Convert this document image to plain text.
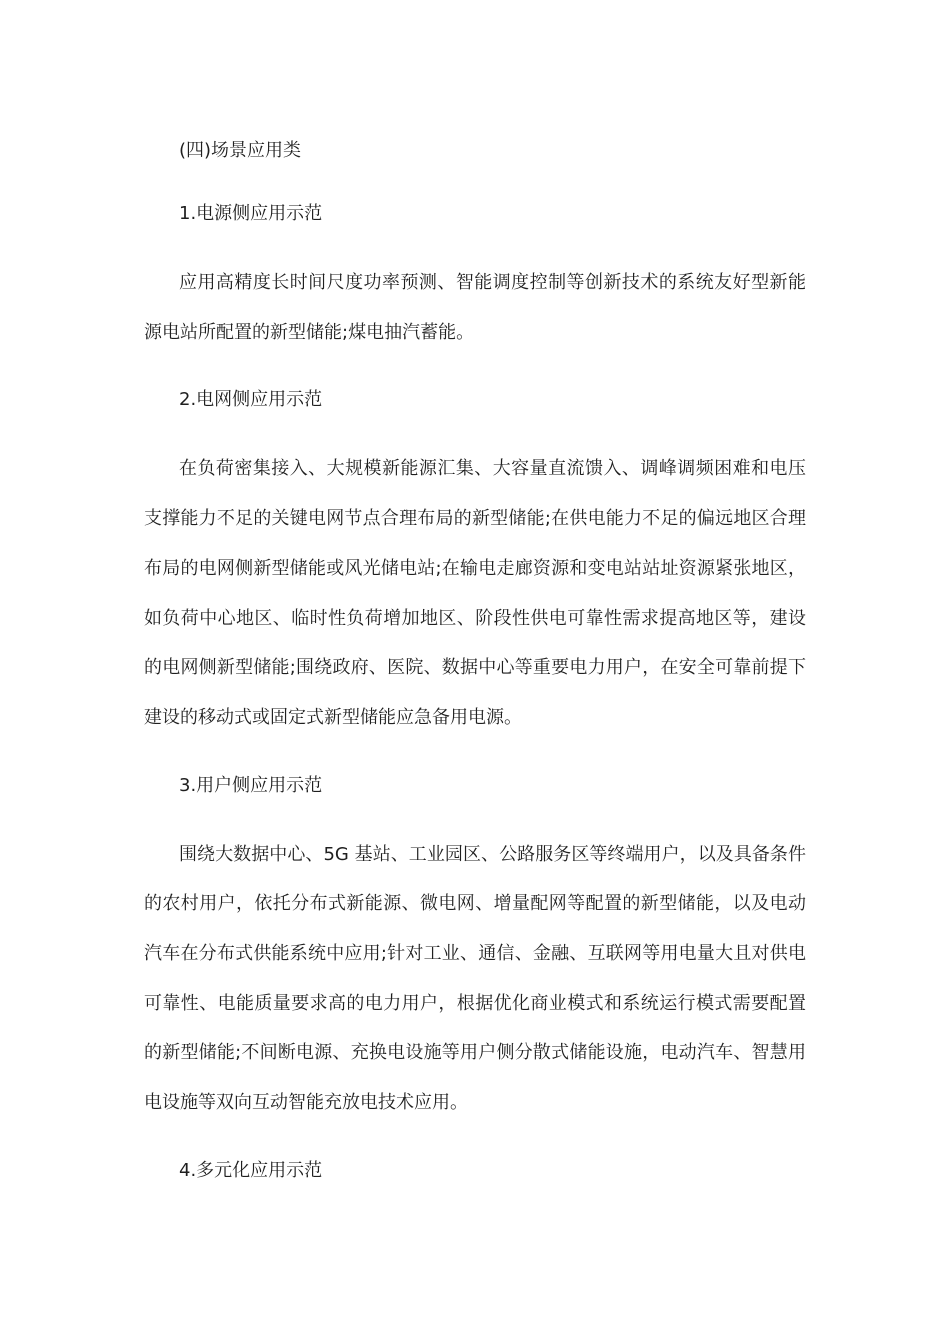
(四)场景应用类

1.电源侧应用示范

应用高精度长时间尺度功率预测、智能调度控制等创新技术的系统友好型新能源电站所配置的新型储能;煤电抽汽蓄能。

2.电网侧应用示范

在负荷密集接入、大规模新能源汇集、大容量直流馈入、调峰调频困难和电压支撑能力不足的关键电网节点合理布局的新型储能;在供电能力不足的偏远地区合理布局的电网侧新型储能或风光储电站;在输电走廊资源和变电站站址资源紧张地区，如负荷中心地区、临时性负荷增加地区、阶段性供电可靠性需求提高地区等，建设的电网侧新型储能;围绕政府、医院、数据中心等重要电力用户，在安全可靠前提下建设的移动式或固定式新型储能应急备用电源。

3.用户侧应用示范

围绕大数据中心、5G 基站、工业园区、公路服务区等终端用户，以及具备条件的农村用户，依托分布式新能源、微电网、增量配网等配置的新型储能，以及电动汽车在分布式供能系统中应用;针对工业、通信、金融、互联网等用电量大且对供电可靠性、电能质量要求高的电力用户，根据优化商业模式和系统运行模式需要配置的新型储能;不间断电源、充换电设施等用户侧分散式储能设施，电动汽车、智慧用电设施等双向互动智能充放电技术应用。

4.多元化应用示范
